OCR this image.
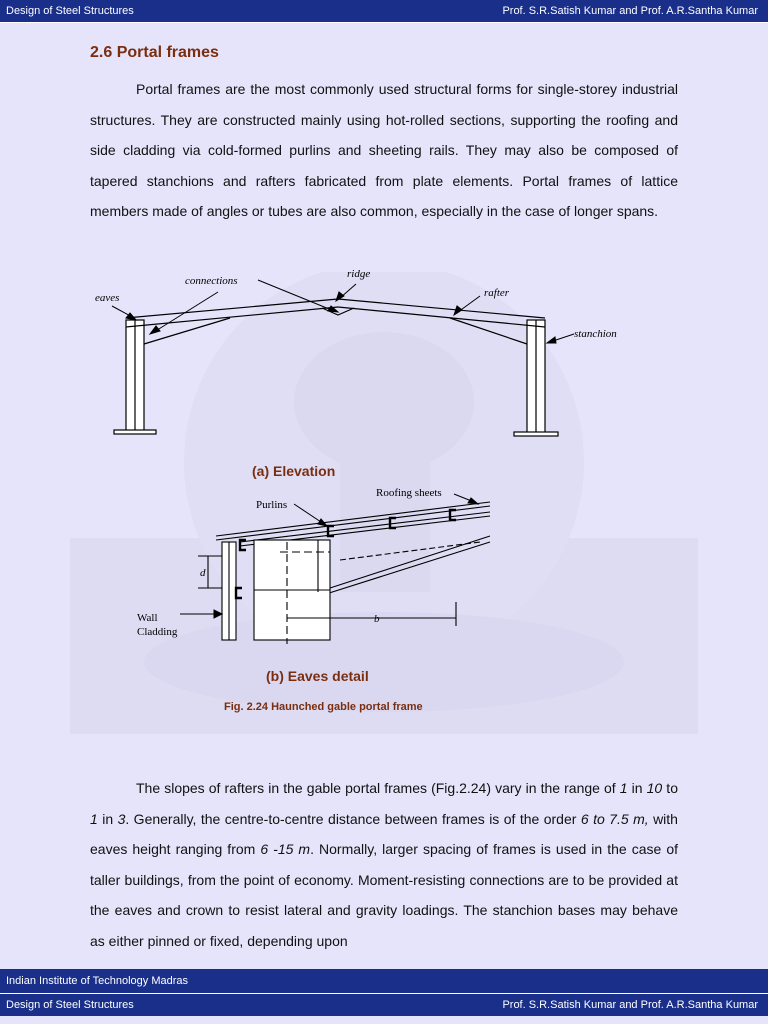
Design of Steel Structures	Prof. S.R.Satish Kumar and Prof. A.R.Santha Kumar
2.6 Portal frames

Portal frames are the most commonly used structural forms for single-storey industrial structures. They are constructed mainly using hot-rolled sections, supporting the roofing and side cladding via cold-formed purlins and sheeting rails. They may also be composed of tapered stanchions and rafters fabricated from plate elements. Portal frames of lattice members made of angles or tubes are also common, especially in the case of longer spans.

eaves
connections
ridge
rafter
stanchion
(a) Elevation
Roofing sheets
Purlins
Wall
Cladding
d
b
(b) Eaves detail
Fig. 2.24 Haunched gable portal frame

The slopes of rafters in the gable portal frames (Fig.2.24) vary in the range of 1 in 10 to 1 in 3. Generally, the centre-to-centre distance between frames is of the order 6 to 7.5 m, with eaves height ranging from 6 -15 m. Normally, larger spacing of frames is used in the case of taller buildings, from the point of economy. Moment-resisting connections are to be provided at the eaves and crown to resist lateral and gravity loadings. The stanchion bases may behave as either pinned or fixed, depending upon

Indian Institute of Technology Madras
Design of Steel Structures	Prof. S.R.Satish Kumar and Prof. A.R.Santha Kumar
